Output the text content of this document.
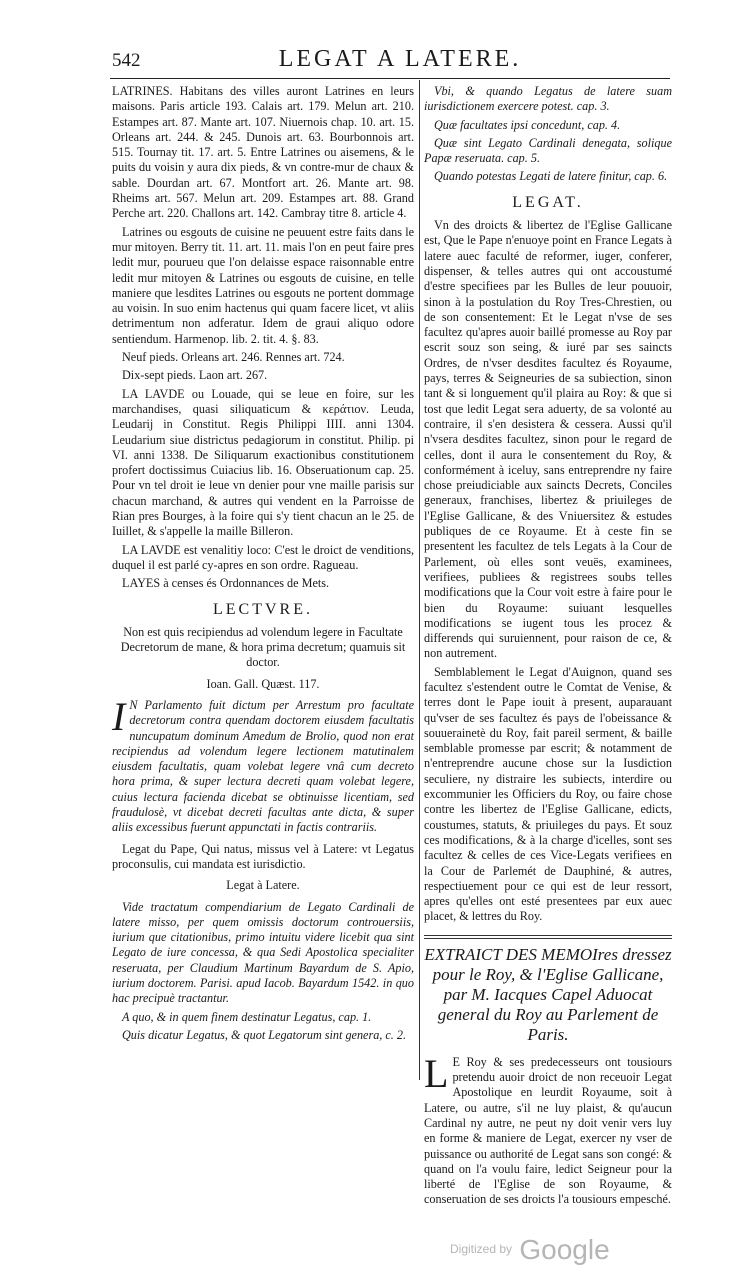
542	LEGAT A LATERE.

LATRINES. Habitans des villes auront Latrines en leurs maisons. Paris article 193. Calais art. 179. Melun art. 210. Estampes art. 87. Mante art. 107. Niuernois chap. 10. art. 15. Orleans art. 244. & 245. Dunois art. 63. Bourbonnois art. 515. Tournay tit. 17. art. 5. Entre Latrines ou aisemens, & le puits du voisin y aura dix pieds, & vn contre-mur de chaux & sable. Dourdan art. 67. Montfort art. 26. Mante art. 98. Rheims art. 567. Melun art. 209. Estampes art. 88. Grand Perche art. 220. Challons art. 142. Cambray titre 8. article 4.

Latrines ou esgouts de cuisine ne peuuent estre faits dans le mur mitoyen. Berry tit. 11. art. 11. mais l'on en peut faire pres ledit mur, pourueu que l'on delaisse espace raisonnable entre ledit mur mitoyen & Latrines ou esgouts de cuisine, en telle maniere que lesdites Latrines ou esgouts ne portent dommage au voisin. In suo enim hactenus qui quam facere licet, vt aliis detrimentum non adferatur. Idem de graui aliquo odore sentiendum. Harmenop. lib. 2. tit. 4. §. 83.

Neuf pieds. Orleans art. 246. Rennes art. 724.

Dix-sept pieds. Laon art. 267.

LA LAVDE ou Louade, qui se leue en foire, sur les marchandises, quasi siliquaticum & κεράτιον. Leuda, Leudarij in Constitut. Regis Philippi IIII. anni 1304. Leudarium siue districtus pedagiorum in constitut. Philip. pi VI. anni 1338. De Siliquarum exactionibus constitutionem profert doctissimus Cuiacius lib. 16. Obseruationum cap. 25. Pour vn tel droit ie leue vn denier pour vne maille parisis sur chacun marchand, & autres qui vendent en la Parroisse de Rian pres Bourges, à la foire qui s'y tient chacun an le 25. de Iuillet, & s'appelle la maille Billeron.

LA LAVDE est venalitiy loco: C'est le droict de venditions, duquel il est parlé cy-apres en son ordre. Ragueau.

LAYES à censes és Ordonnances de Mets.

LECTVRE.

Non est quis recipiendus ad volendum legere in Facultate Decretorum de mane, & hora prima decretum; quamuis sit doctor.

Ioan. Gall. Quæst. 117.

I N Parlamento fuit dictum per Arrestum pro facultate decretorum contra quendam doctorem eiusdem facultatis nuncupatum dominum Amedum de Brolio, quod non erat recipiendus ad volendum legere lectionem matutinalem eiusdem facultatis, quam volebat legere vnâ cum decreto hora prima, & super lectura decreti quam volebat legere, cuius lectura facienda dicebat se obtinuisse licentiam, sed fraudulosè, vt dicebat decreti facultas ante dicta, & super aliis excessibus fuerunt appunctati in factis contrariis.

Legat du Pape, Qui natus, missus vel à Latere: vt Legatus proconsulis, cui mandata est iurisdictio.

Legat à Latere.

Vide tractatum compendiarium de Legato Cardinali de latere misso, per quem omissis doctorum controuersiis, iurium que citationibus, primo intuitu videre licebit qua sint Legato de iure concessa, & qua Sedi Apostolica specialiter reseruata, per Claudium Martinum Bayardum de S. Apio, iurium doctorem. Parisi. apud Iacob. Bayardum 1542. in quo hac precipuè tractantur.

A quo, & in quem finem destinatur Legatus, cap. 1.

Quis dicatur Legatus, & quot Legatorum sint genera, c. 2.

Vbi, & quando Legatus de latere suam iurisdictionem exercere potest. cap. 3.

Quæ facultates ipsi concedunt, cap. 4.

Quæ sint Legato Cardinali denegata, solique Papæ reseruata. cap. 5.

Quando potestas Legati de latere finitur, cap. 6.

LEGAT.

Vn des droicts & libertez de l'Eglise Gallicane est, Que le Pape n'enuoye point en France Legats à latere auec faculté de reformer, iuger, conferer, dispenser, & telles autres qui ont accoustumé d'estre specifiees par les Bulles de leur pouuoir, sinon à la postulation du Roy Tres-Chrestien, ou de son consentement: Et le Legat n'vse de ses facultez qu'apres auoir baillé promesse au Roy par escrit souz son seing, & iuré par ses saincts Ordres, de n'vser desdites facultez és Royaume, pays, terres & Seigneuries de sa subiection, sinon tant & si longuement qu'il plaira au Roy: & que si tost que ledit Legat sera aduerty, de sa volonté au contraire, il s'en desistera & cessera. Aussi qu'il n'vsera desdites facultez, sinon pour le regard de celles, dont il aura le consentement du Roy, & conformément à iceluy, sans entreprendre ny faire chose preiudiciable aux saincts Decrets, Conciles generaux, franchises, libertez & priuileges de l'Eglise Gallicane, & des Vniuersitez & estudes publiques de ce Royaume. Et à ceste fin se presentent les facultez de tels Legats à la Cour de Parlement, où elles sont veuës, examinees, verifiees, publiees & registrees soubs telles modifications que la Cour voit estre à faire pour le bien du Royaume: suiuant lesquelles modifications se iugent tous les procez & differends qui suruiennent, pour raison de ce, & non autrement.

Semblablement le Legat d'Auignon, quand ses facultez s'estendent outre le Comtat de Venise, & terres dont le Pape iouit à present, auparauant qu'vser de ses facultez és pays de l'obeissance & souuerainetè du Roy, fait pareil serment, & baille semblable promesse par escrit; & notamment de n'entreprendre aucune chose sur la Iusdiction seculiere, ny distraire les subiects, interdire ou excommunier les Officiers du Roy, ou faire chose contre les libertez de l'Eglise Gallicane, edicts, coustumes, statuts, & priuileges du pays. Et souz ces modifications, & à la charge d'icelles, sont ses facultez & celles de ces Vice-Legats verifiees en la Cour de Parlemét de Dauphiné, & autres, respectiuement pour ce qui est de leur ressort, apres qu'elles ont esté presentees par eux auec placet, & lettres du Roy.

EXTRAICT DES MEMOIres dressez pour le Roy, & l'Eglise Gallicane, par M. Iacques Capel Aduocat general du Roy au Parlement de Paris.

L E Roy & ses predecesseurs ont tousiours pretendu auoir droict de non receuoir Legat Apostolique en leurdit Royaume, soit à Latere, ou autre, s'il ne luy plaist, & qu'aucun Cardinal ny autre, ne peut ny doit venir vers luy en forme & maniere de Legat, exercer ny vser de puissance ou authorité de Legat sans son congé: & quand on l'a voulu faire, ledict Seigneur pour la liberté de l'Eglise de son Royaume, & conseruation de ses droicts l'a tousiours empesché.

Digitized by Google
